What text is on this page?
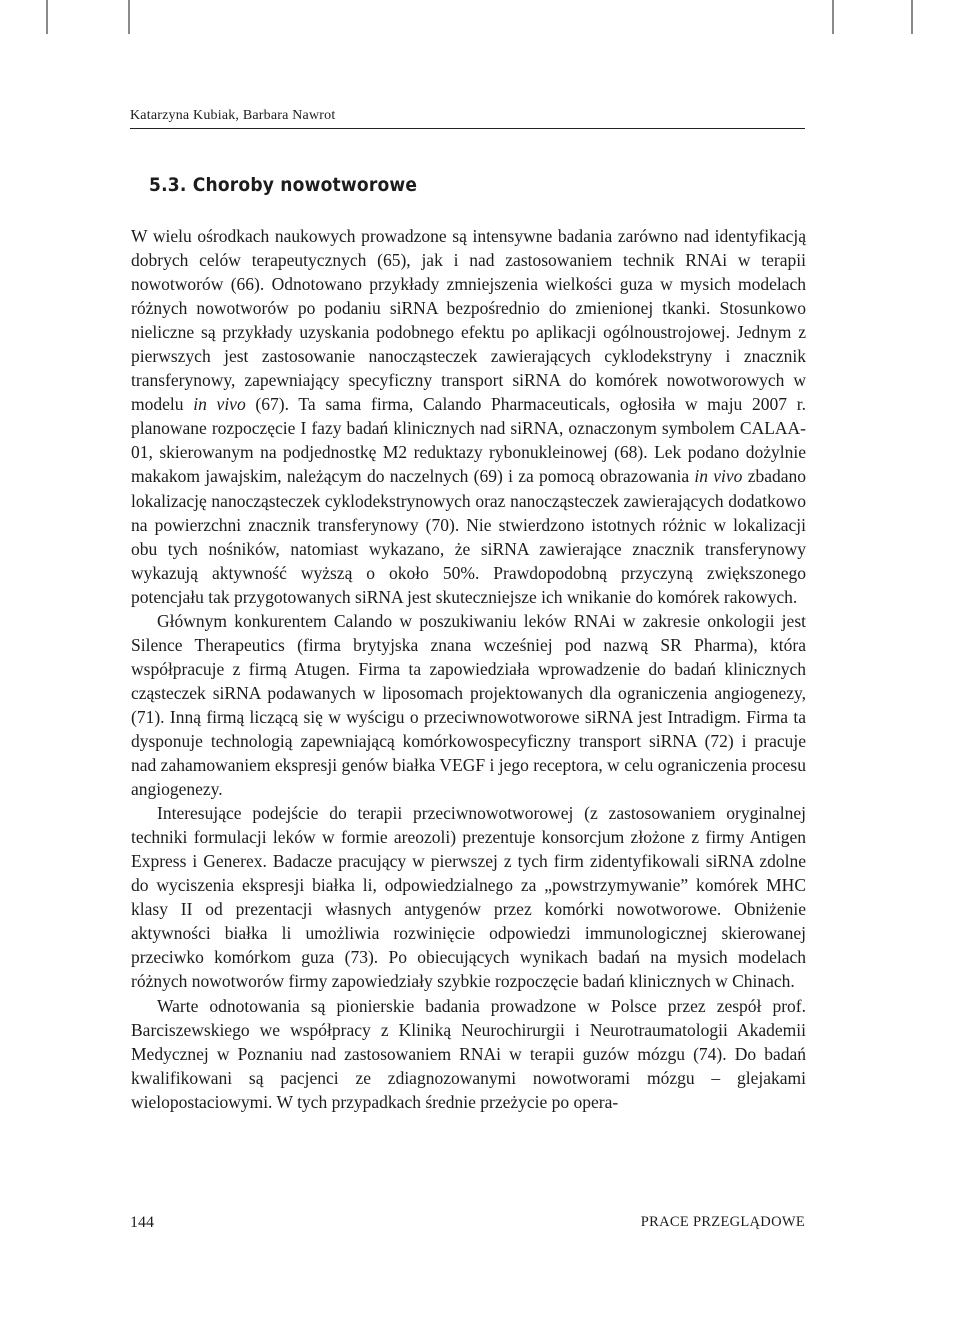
Katarzyna Kubiak, Barbara Nawrot
5.3. Choroby nowotworowe

W wielu ośrodkach naukowych prowadzone są intensywne badania zarówno nad identyfikacją dobrych celów terapeutycznych (65), jak i nad zastosowaniem technik RNAi w terapii nowotworów (66). Odnotowano przykłady zmniejszenia wielkości guza w mysich modelach różnych nowotworów po podaniu siRNA bezpośrednio do zmienionej tkanki. Stosunkowo nieliczne są przykłady uzyskania podobnego efektu po aplikacji ogólnoustrojowej. Jednym z pierwszych jest zastosowanie nanocząsteczek zawierających cyklodekstryny i znacznik transferynowy, zapewniający specyficzny transport siRNA do komórek nowotworowych w modelu in vivo (67). Ta sama firma, Calando Pharmaceuticals, ogłosiła w maju 2007 r. planowane rozpoczęcie I fazy badań klinicznych nad siRNA, oznaczonym symbolem CALAA-01, skierowanym na podjednostkę M2 reduktazy rybonukleinowej (68). Lek podano dożylnie makakom jawajskim, należącym do naczelnych (69) i za pomocą obrazowania in vivo zbadano lokalizację nanocząsteczek cyklodekstrynowych oraz nanocząsteczek zawierających dodatkowo na powierzchni znacznik transferynowy (70). Nie stwierdzono istotnych różnic w lokalizacji obu tych nośników, natomiast wykazano, że siRNA zawierające znacznik transferynowy wykazują aktywność wyższą o około 50%. Prawdopodobną przyczyną zwiększonego potencjału tak przygotowanych siRNA jest skuteczniejsze ich wnikanie do komórek rakowych.

Głównym konkurentem Calando w poszukiwaniu leków RNAi w zakresie onkologii jest Silence Therapeutics (firma brytyjska znana wcześniej pod nazwą SR Pharma), która współpracuje z firmą Atugen. Firma ta zapowiedziała wprowadzenie do badań klinicznych cząsteczek siRNA podawanych w liposomach projektowanych dla ograniczenia angiogenezy, (71). Inną firmą liczącą się w wyścigu o przeciwnowotworowe siRNA jest Intradigm. Firma ta dysponuje technologią zapewniającą komórkowospecyficzny transport siRNA (72) i pracuje nad zahamowaniem ekspresji genów białka VEGF i jego receptora, w celu ograniczenia procesu angiogenezy.

Interesujące podejście do terapii przeciwnowotworowej (z zastosowaniem oryginalnej techniki formulacji leków w formie areozoli) prezentuje konsorcjum złożone z firmy Antigen Express i Generex. Badacze pracujący w pierwszej z tych firm zidentyfikowali siRNA zdolne do wyciszenia ekspresji białka li, odpowiedzialnego za „powstrzymywanie” komórek MHC klasy II od prezentacji własnych antygenów przez komórki nowotworowe. Obniżenie aktywności białka li umożliwia rozwinięcie odpowiedzi immunologicznej skierowanej przeciwko komórkom guza (73). Po obiecujących wynikach badań na mysich modelach różnych nowotworów firmy zapowiedziały szybkie rozpoczęcie badań klinicznych w Chinach.

Warte odnotowania są pionierskie badania prowadzone w Polsce przez zespół prof. Barciszewskiego we współpracy z Kliniką Neurochirurgii i Neurotraumatologii Akademii Medycznej w Poznaniu nad zastosowaniem RNAi w terapii guzów mózgu (74). Do badań kwalifikowani są pacjenci ze zdiagnozowanymi nowotworami mózgu – glejakami wielopostaciowymi. W tych przypadkach średnie przeżycie po opera-

144	PRACE PRZEGLĄDOWE
